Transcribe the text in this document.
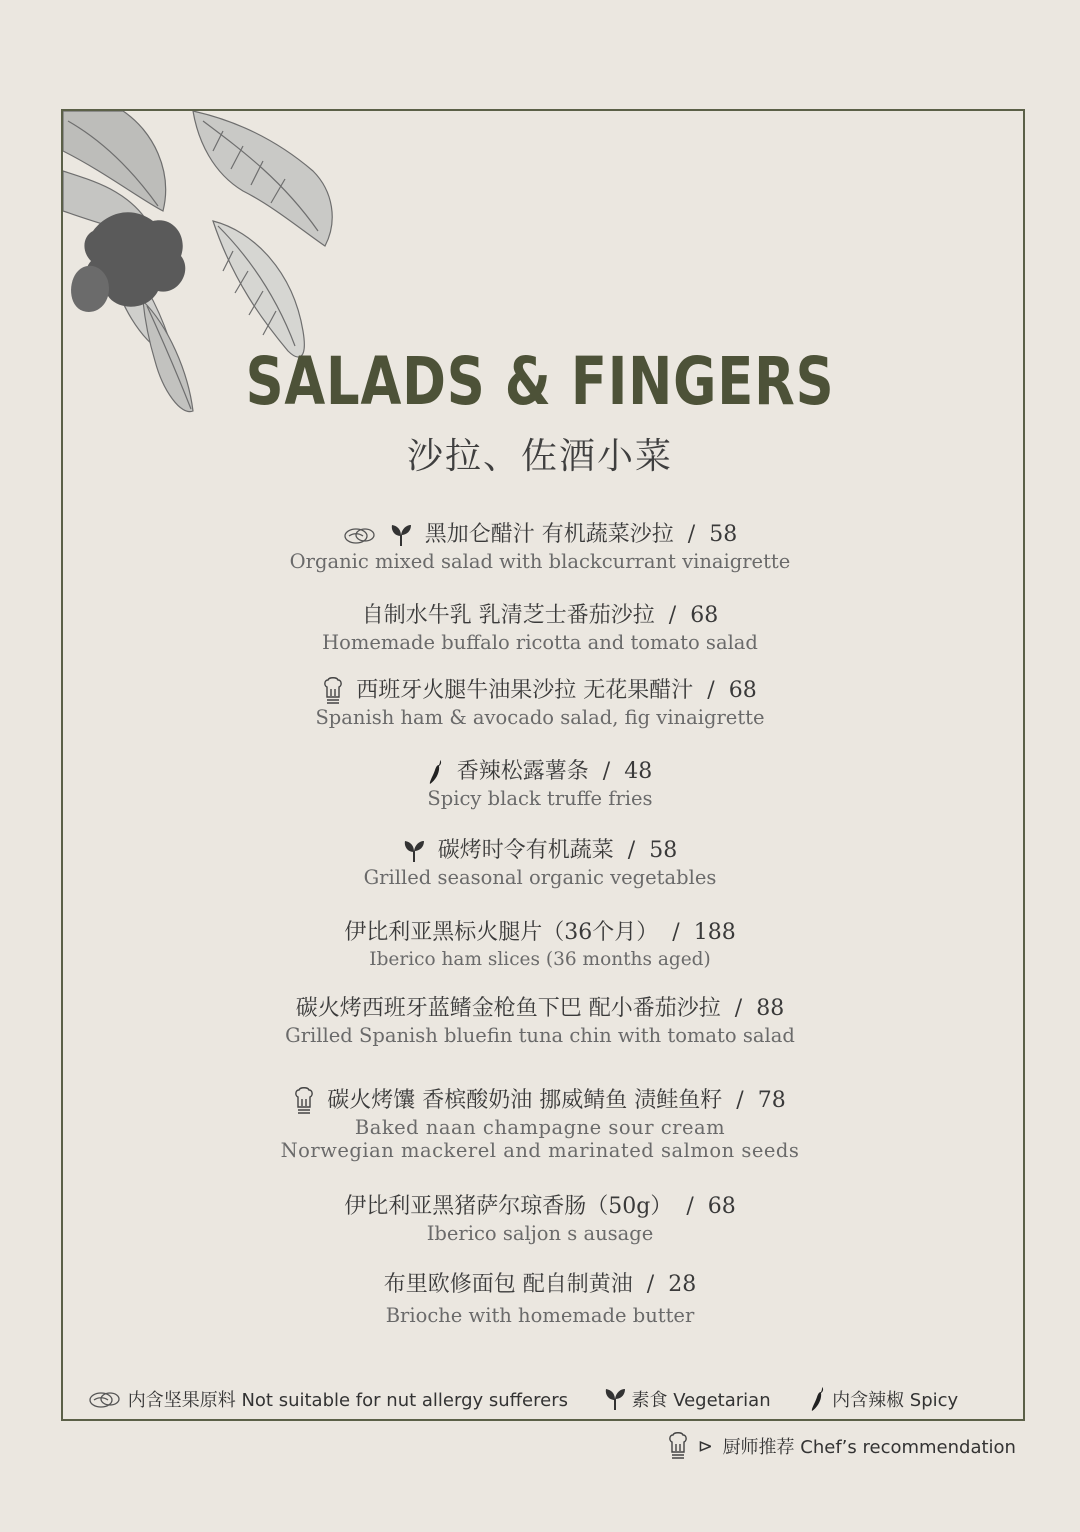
SALADS & FINGERS
沙拉、佐酒小菜
黑加仑醋汁 有机蔬菜沙拉 / 58
Organic mixed salad with blackcurrant vinaigrette
自制水牛乳 乳清芝士番茄沙拉 / 68
Homemade buffalo ricotta and tomato salad
西班牙火腿牛油果沙拉 无花果醋汁 / 68
Spanish ham & avocado salad, fig vinaigrette
香辣松露薯条 / 48
Spicy black truffe fries
碳烤时令有机蔬菜 / 58
Grilled seasonal organic vegetables
伊比利亚黑标火腿片（36个月） / 188
Iberico ham slices (36 months aged)
碳火烤西班牙蓝鳍金枪鱼下巴 配小番茄沙拉 / 88
Grilled Spanish bluefin tuna chin with tomato salad
碳火烤馕 香槟酸奶油 挪威鲭鱼 渍鲑鱼籽 / 78
Baked naan champagne sour cream
Norwegian mackerel and marinated salmon seeds
伊比利亚黑猪萨尔琼香肠（50g） / 68
Iberico saljon s ausage
布里欧修面包 配自制黄油 / 28
Brioche with homemade butter
内含坚果原料 Not suitable for nut allergy sufferers	素食 Vegetarian	内含辣椒 Spicy
⊳ 厨师推荐 Chef’s recommendation
